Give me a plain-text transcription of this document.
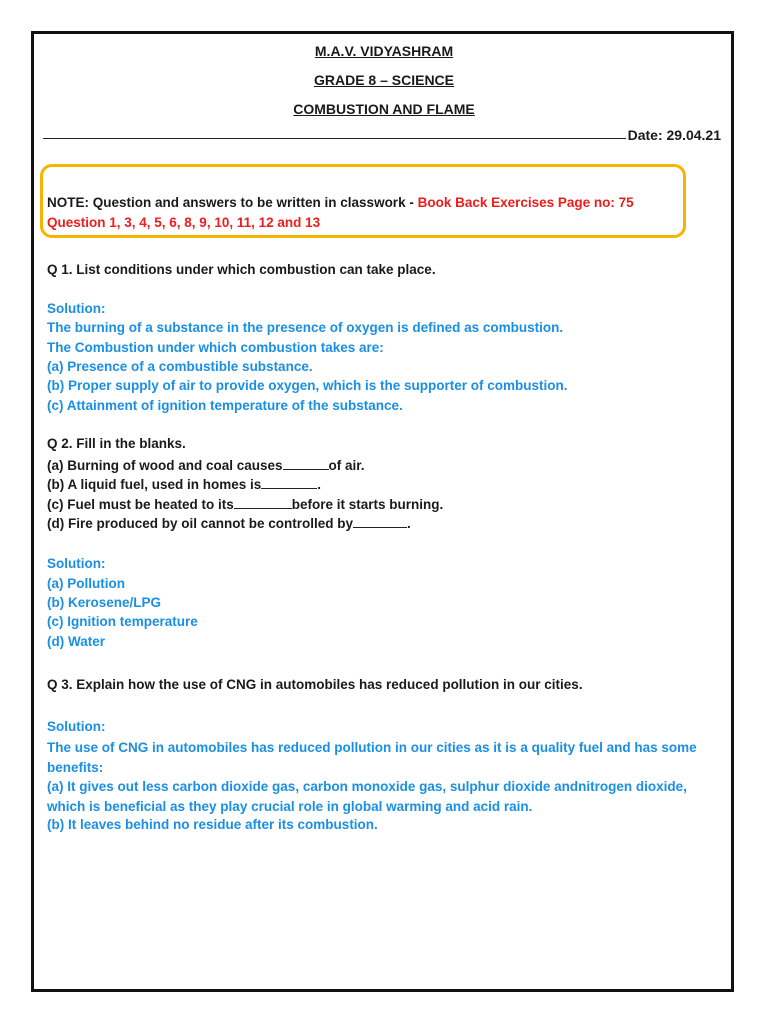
M.A.V. VIDYASHRAM
GRADE 8 – SCIENCE
COMBUSTION AND FLAME
Date: 29.04.21
NOTE: Question and answers to be written in classwork - Book Back Exercises Page no: 75
Question 1, 3, 4, 5, 6, 8, 9, 10, 11, 12 and 13
Q 1. List conditions under which combustion can take place.
Solution:
The burning of a substance in the presence of oxygen is defined as combustion.
The Combustion under which combustion takes are:
(a) Presence of a combustible substance.
(b) Proper supply of air to provide oxygen, which is the supporter of combustion.
(c) Attainment of ignition temperature of the substance.
Q 2. Fill in the blanks.
(a) Burning of wood and coal causes	of air.
(b) A liquid fuel, used in homes is	.
(c) Fuel must be heated to its	before it starts burning.
(d) Fire produced by oil cannot be controlled by	.
Solution:
(a) Pollution
(b) Kerosene/LPG
(c) Ignition temperature
(d) Water
Q 3. Explain how the use of CNG in automobiles has reduced pollution in our cities.
Solution:
The use of CNG in automobiles has reduced pollution in our cities as it is a quality fuel and has some benefits:
(a) It gives out less carbon dioxide gas, carbon monoxide gas, sulphur dioxide andnitrogen dioxide, which is beneficial as they play crucial role in global warming and acid rain.
(b) It leaves behind no residue after its combustion.
